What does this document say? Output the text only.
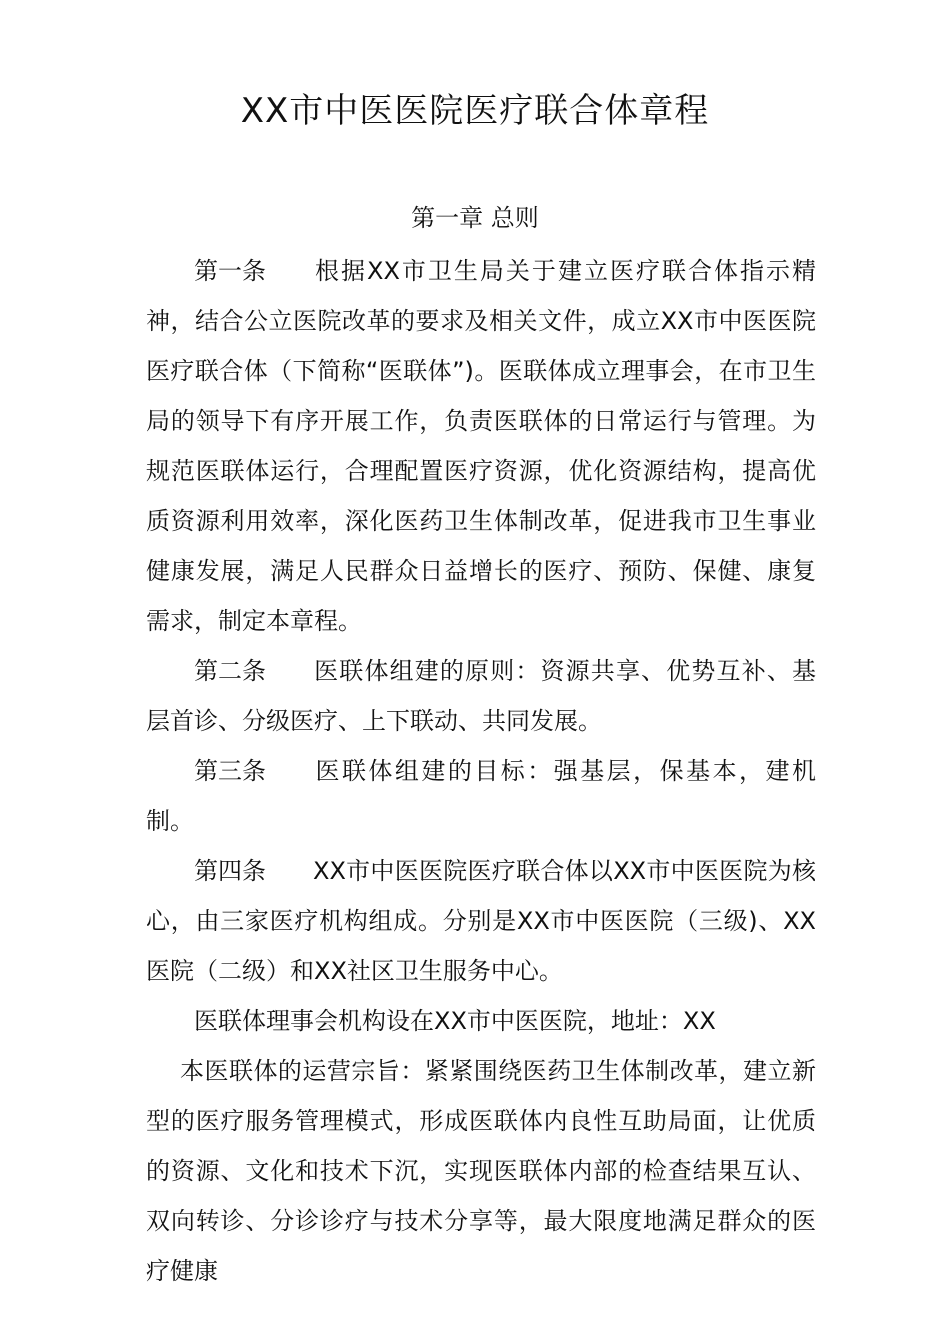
XX市中医医院医疗联合体章程
第一章 总则

第一条 根据XX市卫生局关于建立医疗联合体指示精神，结合公立医院改革的要求及相关文件，成立XX市中医医院医疗联合体（下简称“医联体”)。医联体成立理事会，在市卫生局的领导下有序开展工作，负责医联体的日常运行与管理。为规范医联体运行，合理配置医疗资源，优化资源结构，提高优质资源利用效率，深化医药卫生体制改革，促进我市卫生事业健康发展，满足人民群众日益增长的医疗、预防、保健、康复需求，制定本章程。

第二条 医联体组建的原则：资源共享、优势互补、基层首诊、分级医疗、上下联动、共同发展。

第三条 医联体组建的目标：强基层，保基本，建机制。

第四条 XX市中医医院医疗联合体以XX市中医医院为核心，由三家医疗机构组成。分别是XX市中医医院（三级)、XX医院（二级）和XX社区卫生服务中心。

医联体理事会机构设在XX市中医医院，地址：XX

本医联体的运营宗旨：紧紧围绕医药卫生体制改革，建立新型的医疗服务管理模式，形成医联体内良性互助局面，让优质的资源、文化和技术下沉，实现医联体内部的检查结果互认、双向转诊、分诊诊疗与技术分享等，最大限度地满足群众的医疗健康
